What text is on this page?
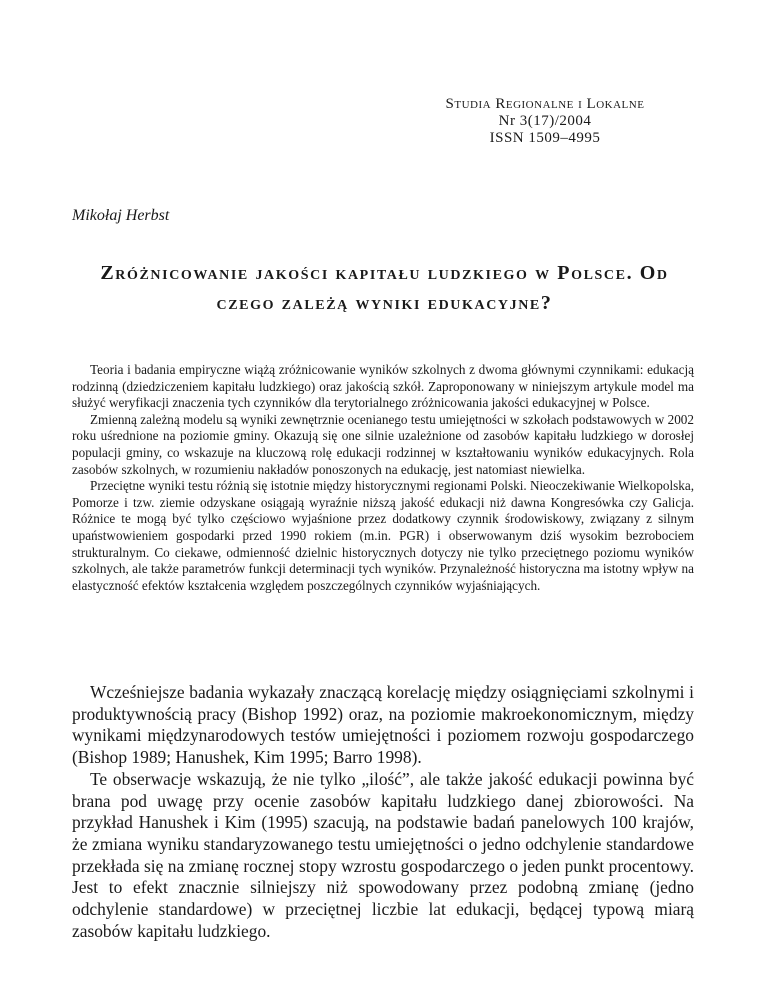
Studia Regionalne i Lokalne
Nr 3(17)/2004
ISSN 1509–4995
Mikołaj Herbst
Zróżnicowanie jakości kapitału ludzkiego w Polsce. Od czego zależą wyniki edukacyjne?

Teoria i badania empiryczne wiążą zróżnicowanie wyników szkolnych z dwoma głównymi czynnikami: edukacją rodzinną (dziedziczeniem kapitału ludzkiego) oraz jakością szkół. Zaproponowany w niniejszym artykule model ma służyć weryfikacji znaczenia tych czynników dla terytorialnego zróżnicowania jakości edukacyjnej w Polsce.

Zmienną zależną modelu są wyniki zewnętrznie ocenianego testu umiejętności w szkołach podstawowych w 2002 roku uśrednione na poziomie gminy. Okazują się one silnie uzależnione od zasobów kapitału ludzkiego w dorosłej populacji gminy, co wskazuje na kluczową rolę edukacji rodzinnej w kształtowaniu wyników edukacyjnych. Rola zasobów szkolnych, w rozumieniu nakładów ponoszonych na edukację, jest natomiast niewielka.

Przeciętne wyniki testu różnią się istotnie między historycznymi regionami Polski. Nieoczekiwanie Wielkopolska, Pomorze i tzw. ziemie odzyskane osiągają wyraźnie niższą jakość edukacji niż dawna Kongresówka czy Galicja. Różnice te mogą być tylko częściowo wyjaśnione przez dodatkowy czynnik środowiskowy, związany z silnym upaństwowieniem gospodarki przed 1990 rokiem (m.in. PGR) i obserwowanym dziś wysokim bezrobociem strukturalnym. Co ciekawe, odmienność dzielnic historycznych dotyczy nie tylko przeciętnego poziomu wyników szkolnych, ale także parametrów funkcji determinacji tych wyników. Przynależność historyczna ma istotny wpływ na elastyczność efektów kształcenia względem poszczególnych czynników wyjaśniających.

Wcześniejsze badania wykazały znaczącą korelację między osiągnięciami szkolnymi i produktywnością pracy (Bishop 1992) oraz, na poziomie makroekonomicznym, między wynikami międzynarodowych testów umiejętności i poziomem rozwoju gospodarczego (Bishop 1989; Hanushek, Kim 1995; Barro 1998).

Te obserwacje wskazują, że nie tylko „ilość”, ale także jakość edukacji powinna być brana pod uwagę przy ocenie zasobów kapitału ludzkiego danej zbiorowości. Na przykład Hanushek i Kim (1995) szacują, na podstawie badań panelowych 100 krajów, że zmiana wyniku standaryzowanego testu umiejętności o jedno odchylenie standardowe przekłada się na zmianę rocznej stopy wzrostu gospodarczego o jeden punkt procentowy. Jest to efekt znacznie silniejszy niż spowodowany przez podobną zmianę (jedno odchylenie standardowe) w przeciętnej liczbie lat edukacji, będącej typową miarą zasobów kapitału ludzkiego.
